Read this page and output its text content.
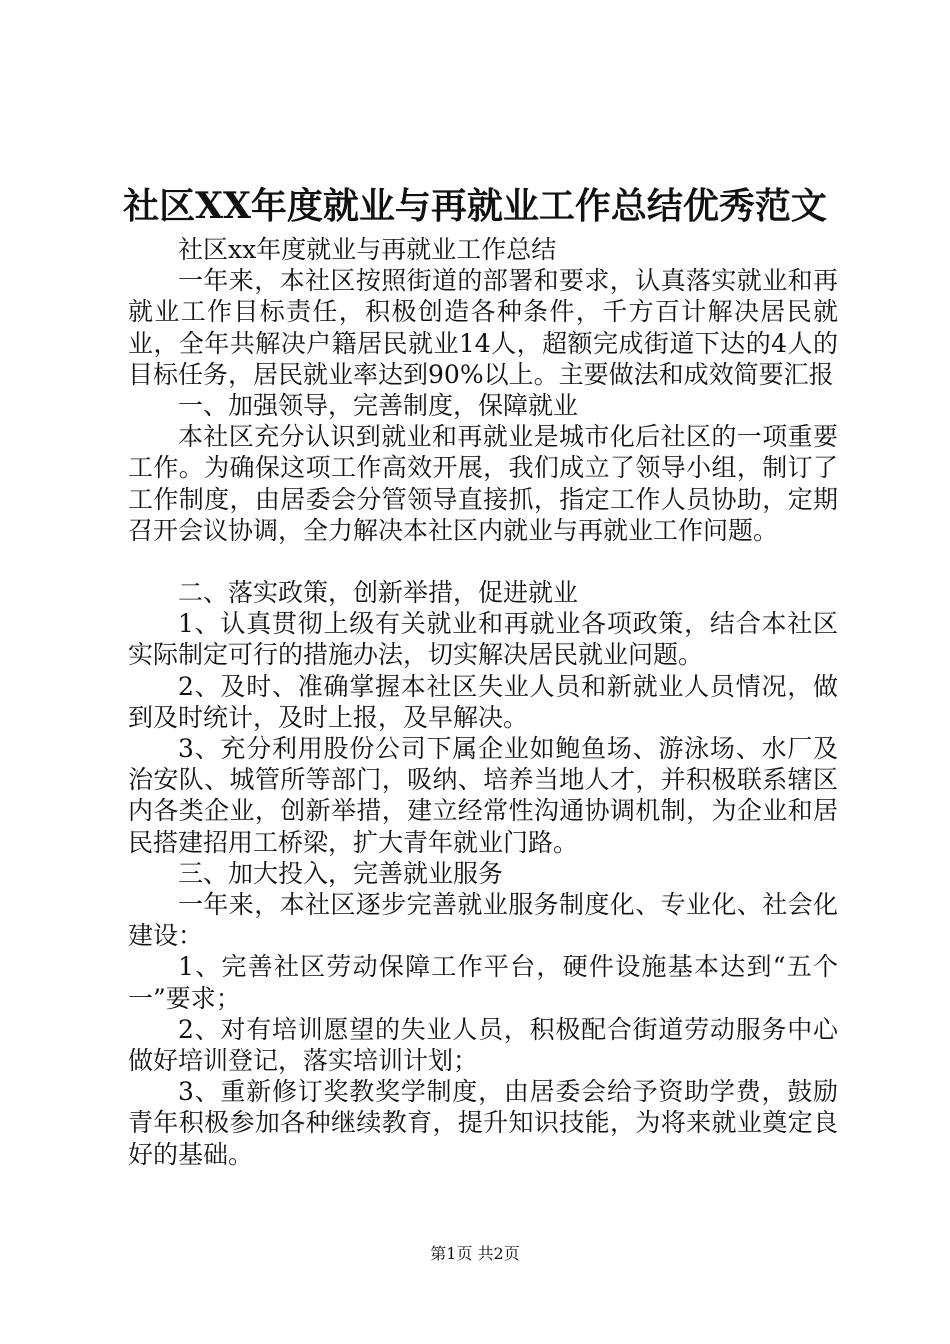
社区XX年度就业与再就业工作总结优秀范文

社区xx年度就业与再就业工作总结

一年来，本社区按照街道的部署和要求，认真落实就业和再就业工作目标责任，积极创造各种条件，千方百计解决居民就业，全年共解决户籍居民就业14人，超额完成街道下达的4人的目标任务，居民就业率达到90%以上。主要做法和成效简要汇报

一、加强领导，完善制度，保障就业

本社区充分认识到就业和再就业是城市化后社区的一项重要工作。为确保这项工作高效开展，我们成立了领导小组，制订了工作制度，由居委会分管领导直接抓，指定工作人员协助，定期召开会议协调，全力解决本社区内就业与再就业工作问题。

二、落实政策，创新举措，促进就业

1、认真贯彻上级有关就业和再就业各项政策，结合本社区实际制定可行的措施办法，切实解决居民就业问题。

2、及时、准确掌握本社区失业人员和新就业人员情况，做到及时统计，及时上报，及早解决。

3、充分利用股份公司下属企业如鲍鱼场、游泳场、水厂及治安队、城管所等部门，吸纳、培养当地人才，并积极联系辖区内各类企业，创新举措，建立经常性沟通协调机制，为企业和居民搭建招用工桥梁，扩大青年就业门路。

三、加大投入，完善就业服务

一年来，本社区逐步完善就业服务制度化、专业化、社会化建设：

1、完善社区劳动保障工作平台，硬件设施基本达到“五个一”要求；

2、对有培训愿望的失业人员，积极配合街道劳动服务中心做好培训登记，落实培训计划；

3、重新修订奖教奖学制度，由居委会给予资助学费，鼓励青年积极参加各种继续教育，提升知识技能，为将来就业奠定良好的基础。

第1页 共2页
